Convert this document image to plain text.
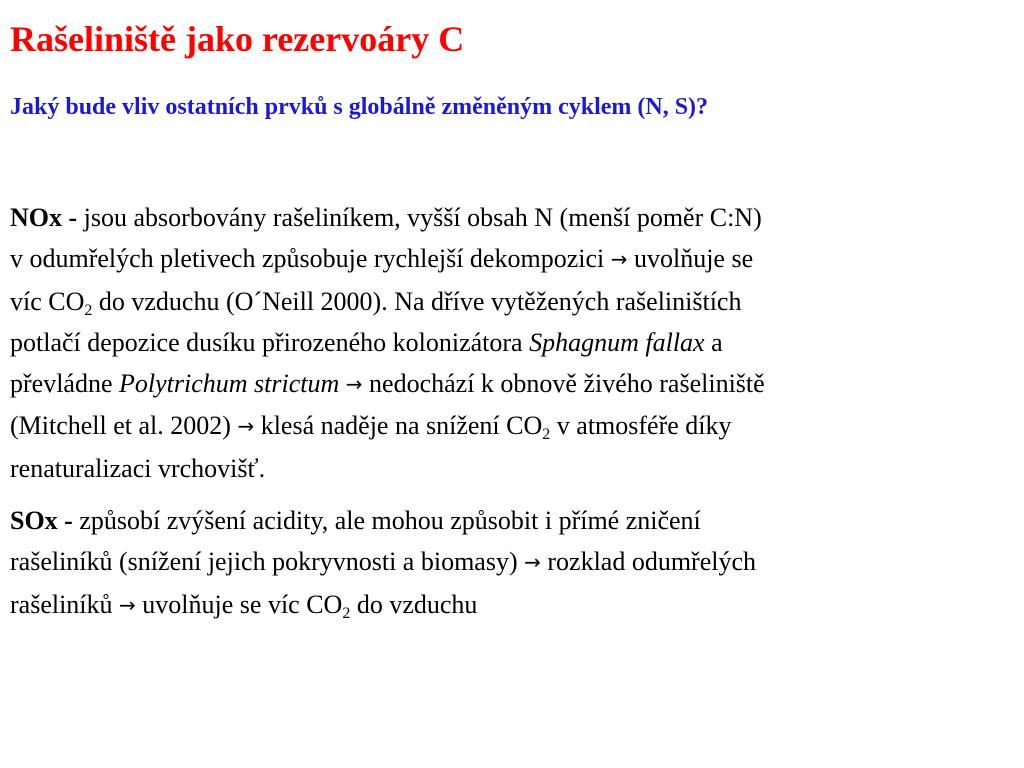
Rašeliniště jako rezervoáry C
Jaký bude vliv ostatních prvků s globálně změněným cyklem (N, S)?

NOx - jsou absorbovány rašeliníkem, vyšší obsah N (menší poměr C:N)
v odumřelých pletivech způsobuje rychlejší dekompozici → uvolňuje se
víc $CO_2$ do vzduchu (O´Neill 2000). Na dříve vytěžených rašeliništích
potlačí depozice dusíku přirozeného kolonizátora Sphagnum fallax a
převládne Polytrichum strictum → nedochází k obnově živého rašeliniště
(Mitchell et al. 2002) → klesá naděje na snížení $CO_2$ v atmosféře díky
renaturalizaci vrchovišť.

SOx - způsobí zvýšení acidity, ale mohou způsobit i přímé zničení
rašeliníků (snížení jejich pokryvnosti a biomasy) → rozklad odumřelých
rašeliníků → uvolňuje se víc $CO_2$ do vzduchu
